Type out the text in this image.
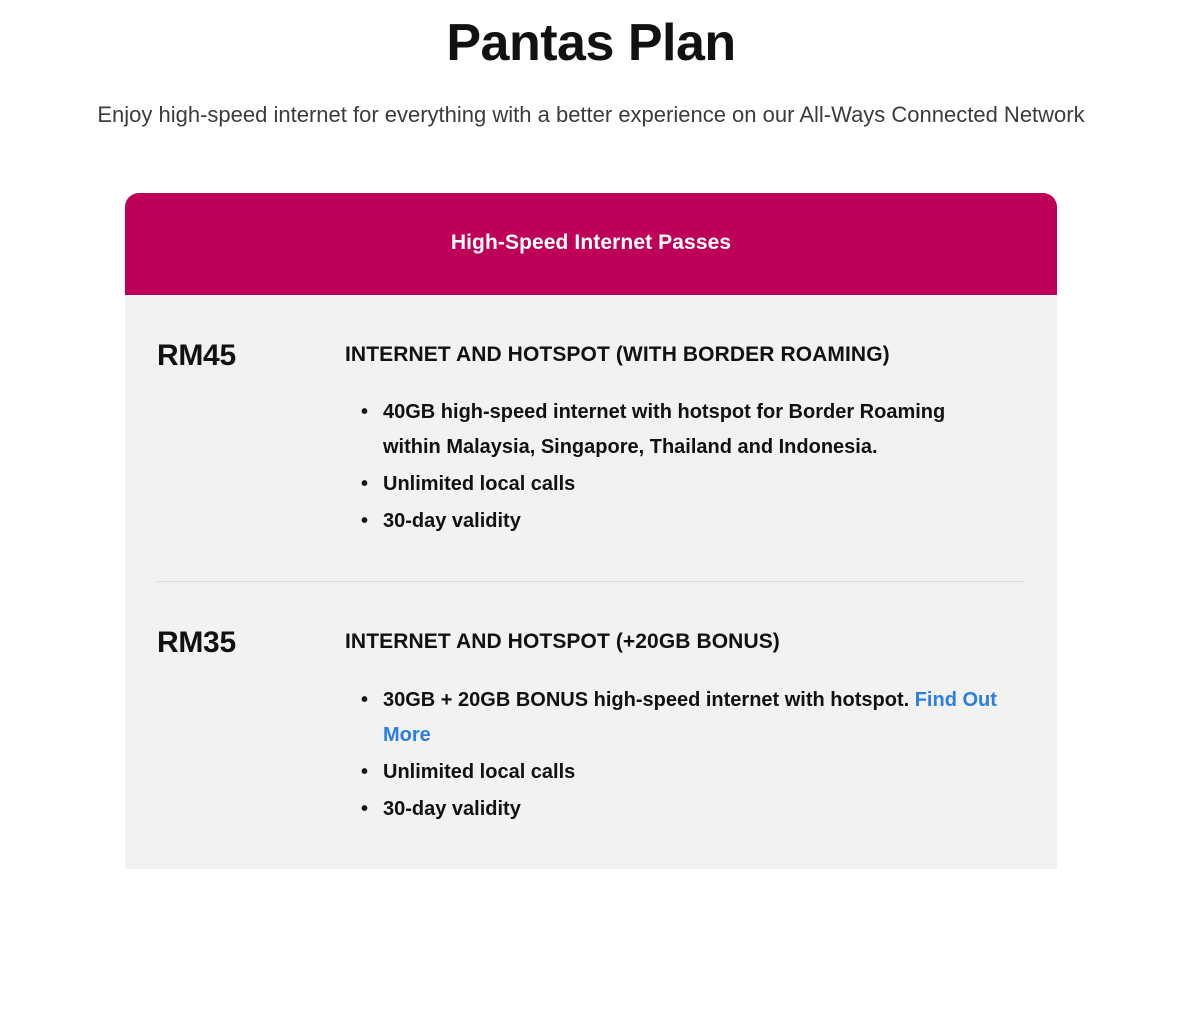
Pantas Plan

Enjoy high-speed internet for everything with a better experience on our All-Ways Connected Network

High-Speed Internet Passes
RM45	INTERNET AND HOTSPOT (WITH BORDER ROAMING)
• 40GB high-speed internet with hotspot for Border Roaming within Malaysia, Singapore, Thailand and Indonesia.
• Unlimited local calls
• 30-day validity
RM35	INTERNET AND HOTSPOT (+20GB BONUS)
• 30GB + 20GB BONUS high-speed internet with hotspot. Find Out More
• Unlimited local calls
• 30-day validity
